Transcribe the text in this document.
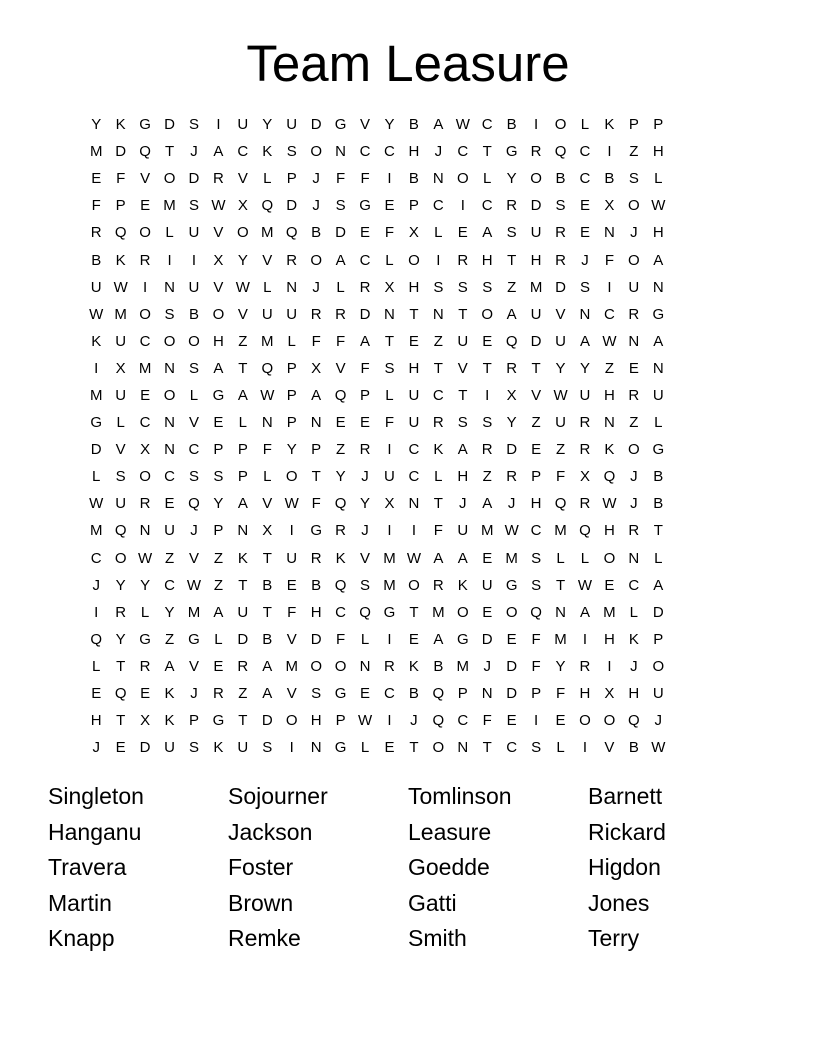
Team Leasure
Y K G D S	I	U Y U D G V Y B A W C B	I	O L	K P P
M D Q T	J	A C K S O N C C H	J	C T G R Q C	I	Z H
E F V O D R V	L	P	J	F	F	I	B N O L	Y O B C B S	L
F P E M S W X Q D	J	S G E P C	I	C R D S E X O W
R Q O L U V O M Q B D E F X	L	E A S U R E N	J	H
B K R	I	I	X Y V R O A C L O	I	R H T H R	J	F O A
U W	I	N U V W L N	J	L R X H S S S Z M D S	I	U N
W M O S B O V U U R R D N T N T O A U V N C R G
K U C O O H Z M L	F	F A T E Z U E Q D U A W N A
I	X M N S A T Q P X V F S H T V T R T Y Y Z E N
M U E O L G A W P A Q P	L U C T	I	X V W U H R U
G L C N V E	L N P N E E F U R S S Y Z U R N Z	L
D V X N C P P F Y P Z R	I	C K A R D E Z R K O G
L	S O C S S P	L O T Y	J	U C L H Z R P F X Q J	B
W U R E Q Y A V W F Q Y X N T	J	A	J	H Q R W J	B
M Q N U	J	P N X	I	G R	J	I	I	F U M W C M Q H R T
C O W Z V Z K T U R K V M W A A E M S	L	L O N L
J	Y Y C W Z	T B E B Q S M O R K U G S T W E C A
I	R L	Y M A U T	F H C Q G T M O E O Q N A M L D
Q Y G Z G L D B V D F	L	I	E A G D E F M	I	H K P
L	T R A V E R A M O O N R K B M J	D F Y R	I	J O
E Q E K	J	R Z A V S G E C B Q P N D P F H X H U
H T X K P G T D O H P W	I	J Q C F E	I	E O O Q J
J	E D U S K U S	I	N G L	E T O N T C S	L	I	V B W
Singleton	Sojourner	Tomlinson	Barnett
Hanganu	Jackson	Leasure	Rickard
Travera	Foster	Goedde	Higdon
Martin	Brown	Gatti	Jones
Knapp	Remke	Smith	Terry
